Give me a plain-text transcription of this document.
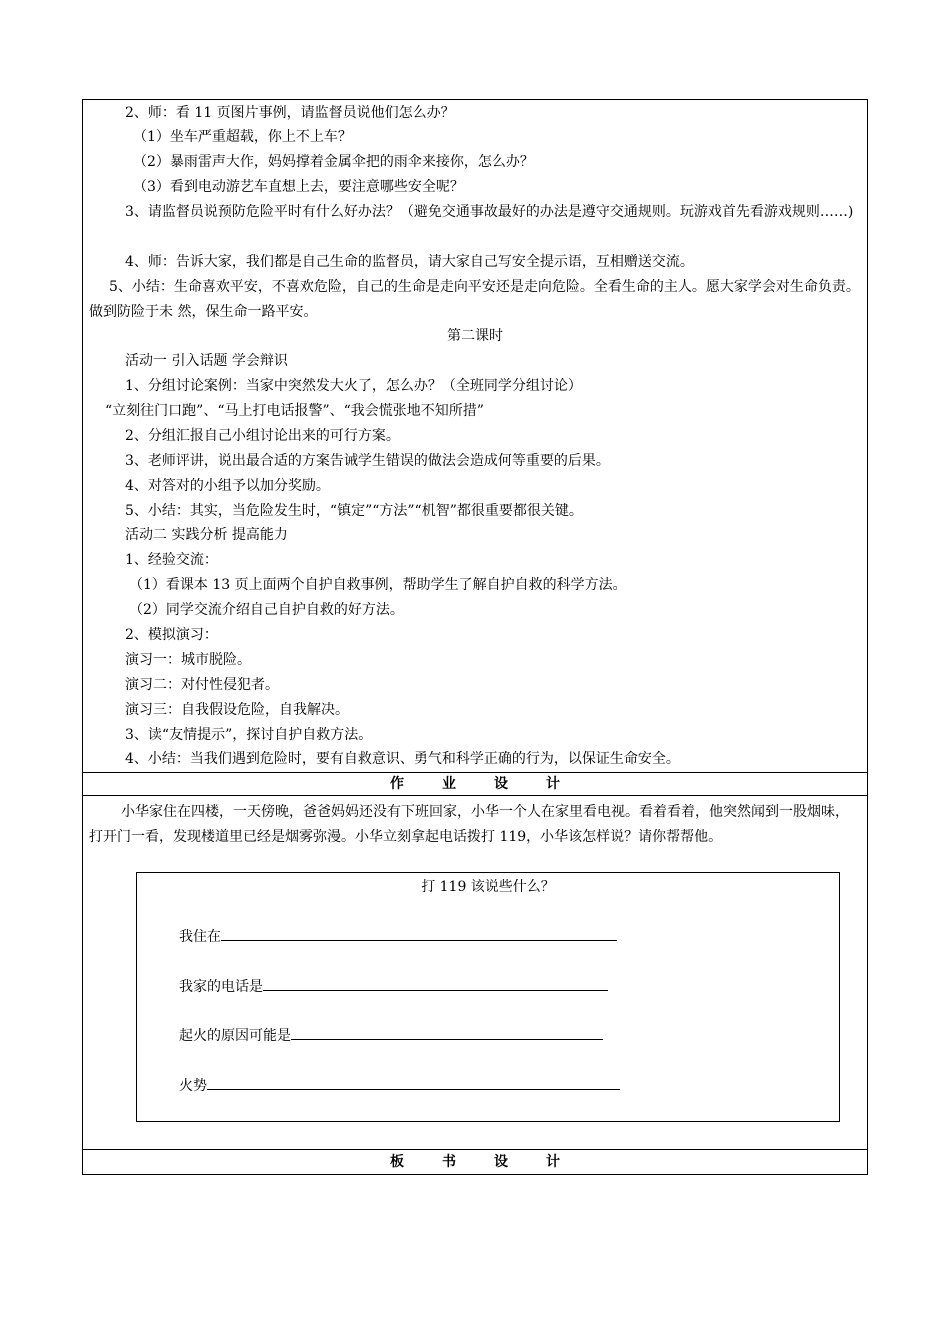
2、师：看 11 页图片事例，请监督员说他们怎么办？
（1）坐车严重超载，你上不上车？
（2）暴雨雷声大作，妈妈撑着金属伞把的雨伞来接你，怎么办？
（3）看到电动游艺车直想上去，要注意哪些安全呢？
3、请监督员说预防危险平时有什么好办法？（避免交通事故最好的办法是遵守交通规则。玩游戏首先看游戏规则……)
4、师：告诉大家，我们都是自己生命的监督员，请大家自己写安全提示语，互相赠送交流。
5、小结：生命喜欢平安，不喜欢危险，自己的生命是走向平安还是走向危险。全看生命的主人。愿大家学会对生命负责。做到防险于未 然，保生命一路平安。
第二课时
活动一 引入话题 学会辩识
1、分组讨论案例：当家中突然发大火了，怎么办？（全班同学分组讨论）
“立刻往门口跑”、“马上打电话报警”、“我会慌张地不知所措”
2、分组汇报自己小组讨论出来的可行方案。
3、老师评讲，说出最合适的方案告诫学生错误的做法会造成何等重要的后果。
4、对答对的小组予以加分奖励。
5、小结：其实，当危险发生时，“镇定”“方法”“机智”都很重要都很关键。
活动二 实践分析 提高能力
1、经验交流：
（1）看课本 13 页上面两个自护自救事例，帮助学生了解自护自救的科学方法。
（2）同学交流介绍自己自护自救的好方法。
2、模拟演习：
演习一：城市脱险。
演习二：对付性侵犯者。
演习三：自我假设危险，自我解决。
3、读“友情提示”，探讨自护自救方法。
4、小结：当我们遇到危险时，要有自救意识、勇气和科学正确的行为，以保证生命安全。
作业设计
小华家住在四楼，一天傍晚，爸爸妈妈还没有下班回家，小华一个人在家里看电视。看着看着，他突然闻到一股烟味，打开门一看，发现楼道里已经是烟雾弥漫。小华立刻拿起电话拨打 119，小华该怎样说？请你帮帮他。
打 119 该说些什么？
我住在
我家的电话是
起火的原因可能是
火势
板书设计
